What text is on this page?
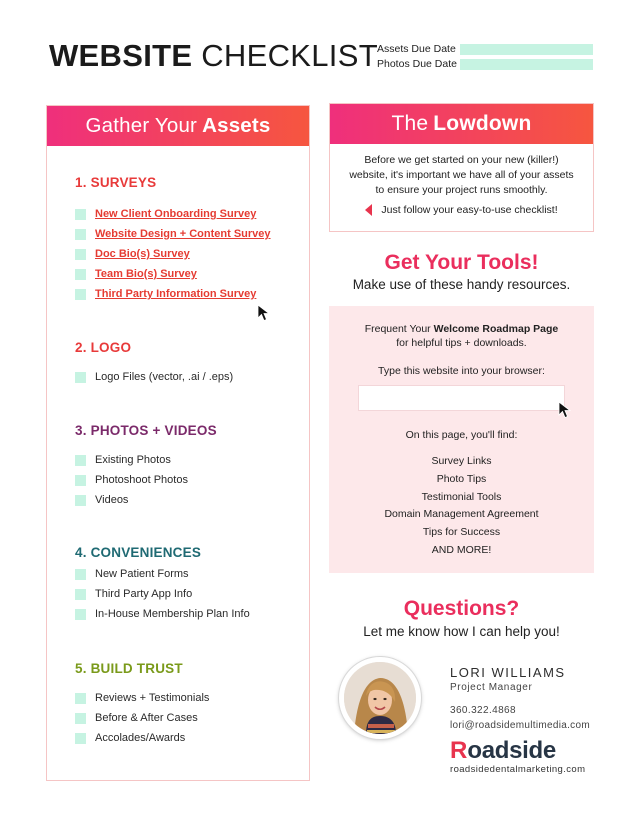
WEBSITE CHECKLIST Assets Due Date
Photos Due Date
Gather Your Assets
1. SURVEYS
New Client Onboarding Survey
Website Design + Content Survey
Doc Bio(s) Survey
Team Bio(s) Survey
Third Party Information Survey
2. LOGO
Logo Files (vector, .ai / .eps)
3. PHOTOS + VIDEOS
Existing Photos
Photoshoot Photos
Videos
4. CONVENIENCES
New Patient Forms
Third Party App Info
In-House Membership Plan Info
5. BUILD TRUST
Reviews + Testimonials
Before & After Cases
Accolades/Awards
The Lowdown
Before we get started on your new (killer!) website, it's important we have all of your assets to ensure your project runs smoothly.
Just follow your easy-to-use checklist!
Get Your Tools!
Make use of these handy resources.
Frequent Your Welcome Roadmap Page
for helpful tips + downloads.
Type this website into your browser:
On this page, you'll find:
Survey Links
Photo Tips
Testimonial Tools
Domain Management Agreement
Tips for Success
AND MORE!
Questions?
Let me know how I can help you!
LORI WILLIAMS
Project Manager
360.322.4868
lori@roadsidemultimedia.com
R oadside
roadsidedentalmarketing.com
